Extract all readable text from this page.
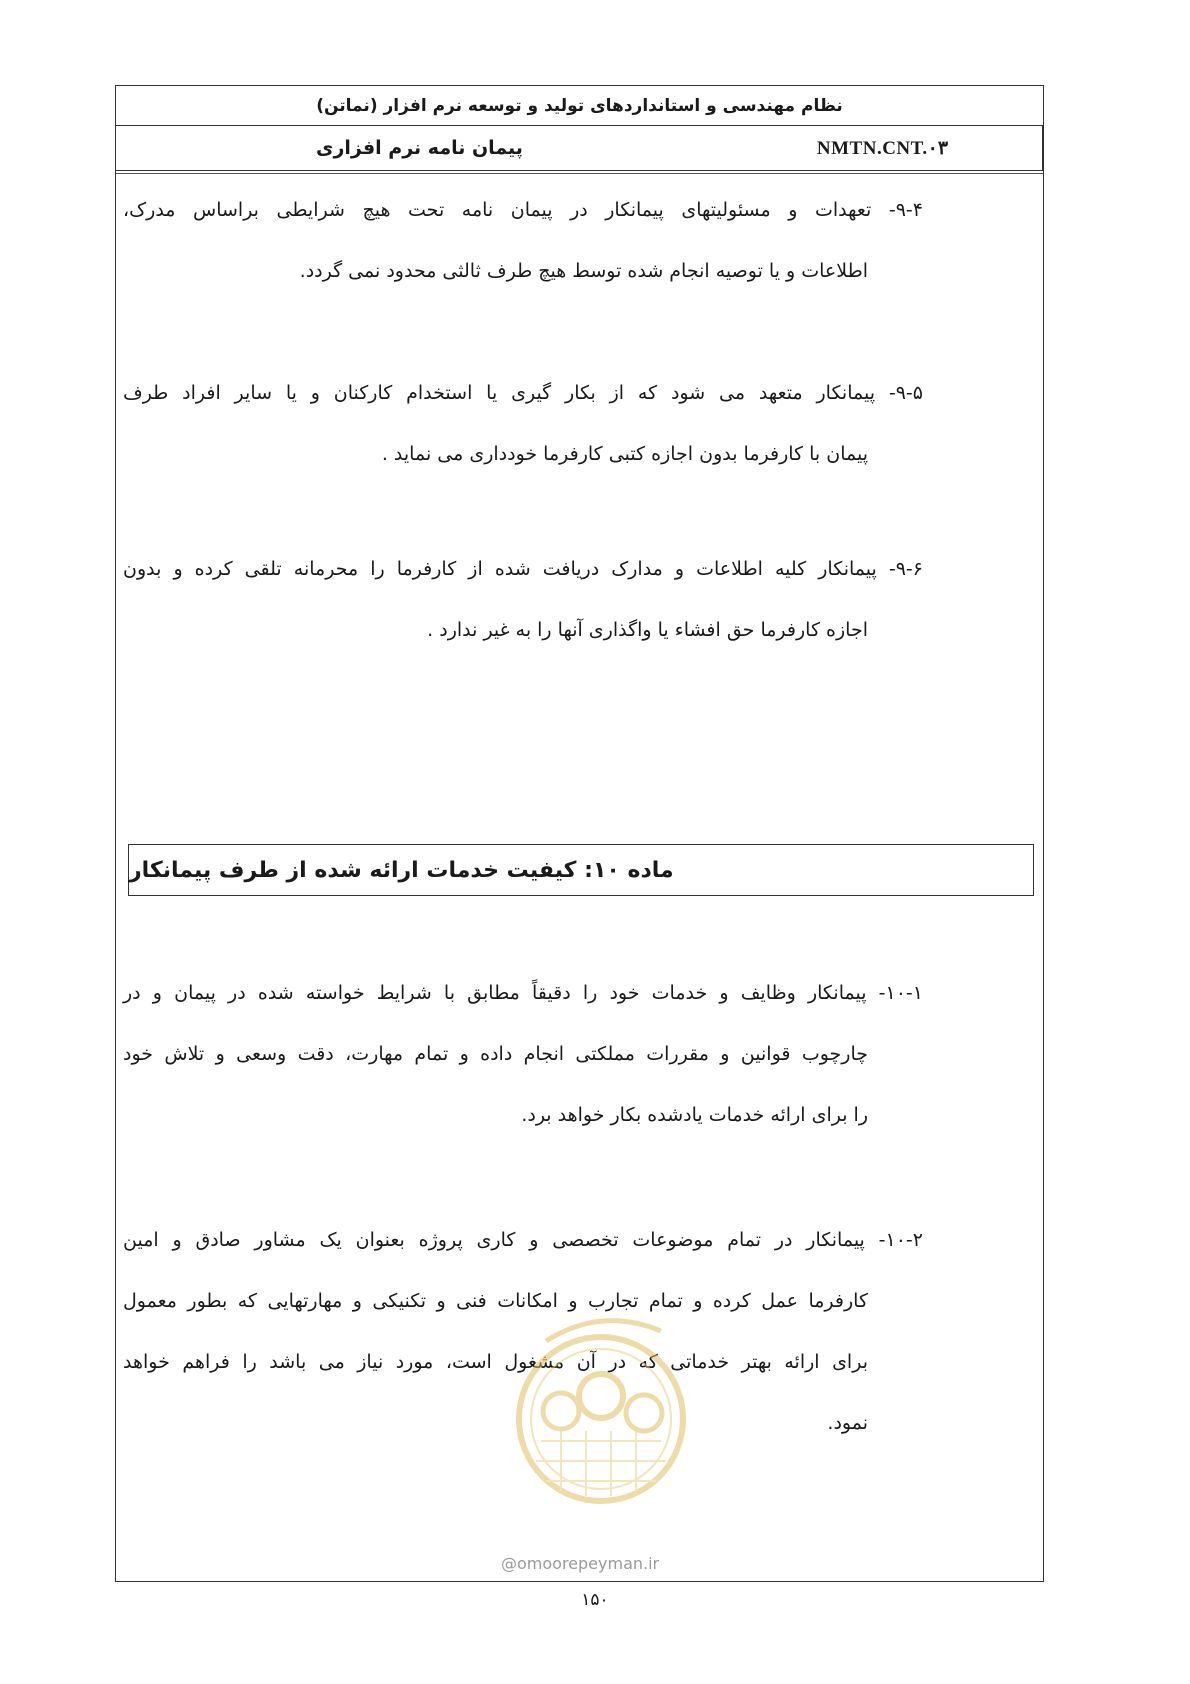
نظام مهندسی و استانداردهای تولید و توسعه نرم افزار (نماتن)
پیمان نامه نرم افزاری	NMTN.CNT.۰۳
۹-۴- تعهدات و مسئولیتهای پیمانکار در پیمان نامه تحت هیچ شرایطی براساس مدرک،
اطلاعات و یا توصیه انجام شده توسط هیچ طرف ثالثی محدود نمی گردد.
۹-۵- پیمانکار متعهد می شود که از بکار گیری یا استخدام کارکنان و یا سایر افراد طرف
پیمان با کارفرما بدون اجازه کتبی کارفرما خودداری می نماید .
۹-۶- پیمانکار کلیه اطلاعات و مدارک دریافت شده از کارفرما را محرمانه تلقی کرده و بدون
اجازه کارفرما حق افشاء یا واگذاری آنها را به غیر ندارد .
ماده ۱۰: کیفیت خدمات ارائه شده از طرف پیمانکار
۱۰-۱- پیمانکار وظایف و خدمات خود را دقیقاً مطابق با شرایط خواسته شده در پیمان و در
چارچوب قوانین و مقررات مملکتی انجام داده و تمام مهارت، دقت وسعی و تلاش خود
را برای ارائه خدمات یادشده بکار خواهد برد.
۱۰-۲- پیمانکار در تمام موضوعات تخصصی و کاری پروژه بعنوان یک مشاور صادق و امین
کارفرما عمل کرده و تمام تجارب و امکانات فنی و تکنیکی و مهارتهایی که بطور معمول
برای ارائه بهتر خدماتی که در آن مشغول است، مورد نیاز می باشد را فراهم خواهد
نمود.
@omoorepeyman.ir
۱۵۰
